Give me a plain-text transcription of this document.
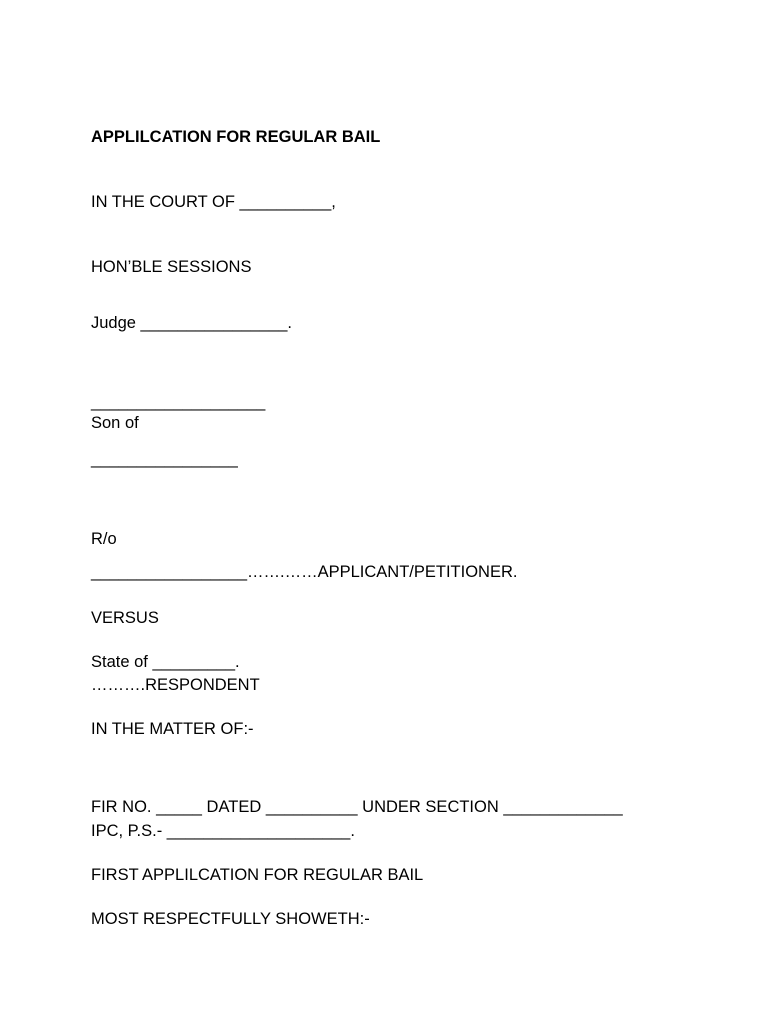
APPLILCATION FOR REGULAR BAIL
IN THE COURT OF __________,
HON’BLE SESSIONS
Judge ________________.
___________________
Son of
________________
R/o
_________________…….……APPLICANT/PETITIONER.
VERSUS
State of _________.
……….RESPONDENT
IN THE MATTER OF:-
FIR NO. _____ DATED __________ UNDER SECTION _____________
IPC, P.S.- ____________________.
FIRST APPLILCATION FOR REGULAR BAIL
MOST RESPECTFULLY SHOWETH:-
